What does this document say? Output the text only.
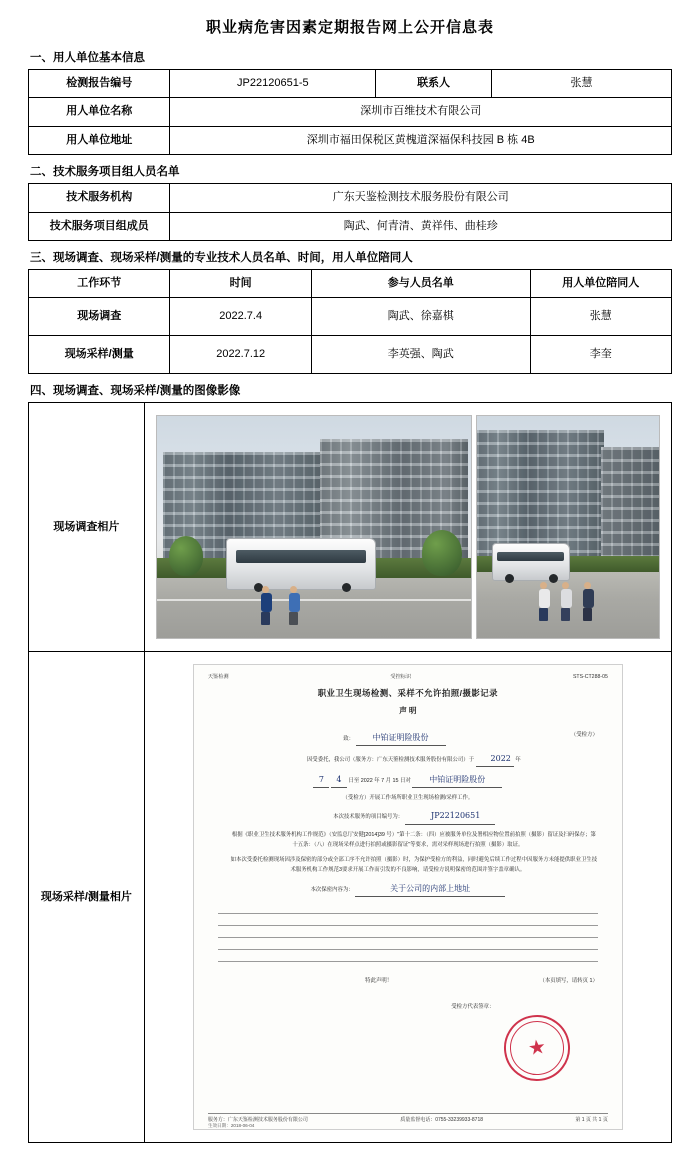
职业病危害因素定期报告网上公开信息表
一、用人单位基本信息
检测报告编号	JP22120651-5	联系人	张慧
用人单位名称	深圳市百维技术有限公司		
用人单位地址	深圳市福田保税区黄槐道深福保科技园 B 栋 4B		
二、技术服务项目组人员名单
技术服务机构	广东天鉴检测技术服务股份有限公司
技术服务项目组成员	陶武、何青清、黄祥伟、曲桂珍
三、现场调查、现场采样/测量的专业技术人员名单、时间，用人单位陪同人
工作环节	时间	参与人员名单	用人单位陪同人
现场调查	2022.7.4	陶武、徐嘉棋	张慧
现场采样/测量	2022.7.12	李英强、陶武	李奎
四、现场调查、现场采样/测量的图像影像
现场调查相片	

现场采样/测量相片	
天鉴检测	受控标识	STS-CT288-05
职业卫生现场检测、采样不允许拍照/摄影记录
声 明

致： 中铂证明险股份	（受检方）

因受委托，我公司（服务方：广东天鉴检测技术服务股份有限公司）于 2022 年

7 4 日至 2022 年 7 月 15 日对 中铂证明险股份

（受检方）开展工作场所职业卫生现场检测/采样工作。

本次技术服务的项目编号为：	JP22120651

根据《职业卫生技术服务机构工作规范》（安监总厅安健[2014]39 号）"第十二条：（四）应被服务单位及署相应物位置前拍照（摄影）留证及扫码保存；第十五条：（八）在现场采样点进行拍照或摄影留证"等要求，需对采样现场进行拍照（摄影）取证。

如本次受委托检测现场因涉及保密的部分或全部工序不允许拍照（摄影）时，为保护受检方的利益，同时避免后续工作过程中因服务方未能提供职业卫生技术服务机构工作规范3要求开展工作而引发的不良影响，请受检方说明保密的范围并签字盖章确认。

本次保密内容为：	关于公司的内部上地址

特此声明！	（本页填写，请转页 1）
受检方代表签章：
★
服务方：广东天鉴检测技术服务股份有限公司	质量监督电话：0755-33239933-8718	第 1 页 共 1 页
生效日期：2018-06-04
